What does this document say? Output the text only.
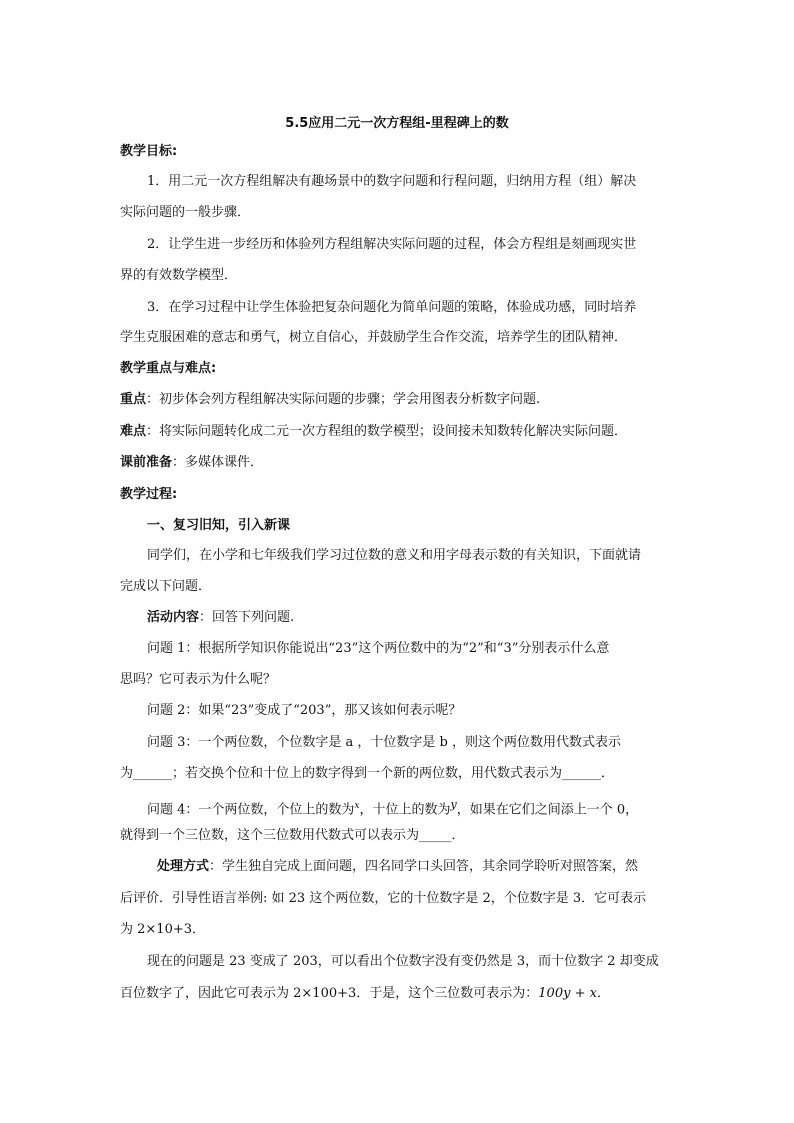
5.5应用二元一次方程组-里程碑上的数
教学目标:
1．用二元一次方程组解决有趣场景中的数字问题和行程问题，归纳用方程（组）解决
实际问题的一般步骤．
2．让学生进一步经历和体验列方程组解决实际问题的过程，体会方程组是刻画现实世
界的有效数学模型．
3．在学习过程中让学生体验把复杂问题化为简单问题的策略，体验成功感，同时培养
学生克服困难的意志和勇气，树立自信心，并鼓励学生合作交流，培养学生的团队精神．
教学重点与难点:
重点：初步体会列方程组解决实际问题的步骤；学会用图表分析数字问题.
难点：将实际问题转化成二元一次方程组的数学模型；设间接未知数转化解决实际问题．
课前准备：多媒体课件．
教学过程:
一、复习旧知，引入新课
同学们，在小学和七年级我们学习过位数的意义和用字母表示数的有关知识，下面就请
完成以下问题．
活动内容：回答下列问题.
问题 1：根据所学知识你能说出“23”这个两位数中的为“2”和“3”分别表示什么意
思吗？它可表示为什么呢？
问题 2：如果“23”变成了“203”，那又该如何表示呢？
问题 3：一个两位数，个位数字是 a ，十位数字是 b ，则这个两位数用代数式表示
为______；若交换个位和十位上的数字得到一个新的两位数，用代数式表示为______．
问题 4：一个两位数，个位上的数为$^x$，十位上的数为$^y$，如果在它们之间添上一个 0，
就得到一个三位数，这个三位数用代数式可以表示为_____．
处理方式：学生独自完成上面问题，四名同学口头回答，其余同学聆听对照答案，然
后评价．引导性语言举例: 如 23 这个两位数，它的十位数字是 2，个位数字是 3．它可表示
为 2×10+3．
现在的问题是 23 变成了 203，可以看出个位数字没有变仍然是 3，而十位数字 2 却变成
百位数字了，因此它可表示为 2×100+3．于是，这个三位数可表示为：100y + x．
